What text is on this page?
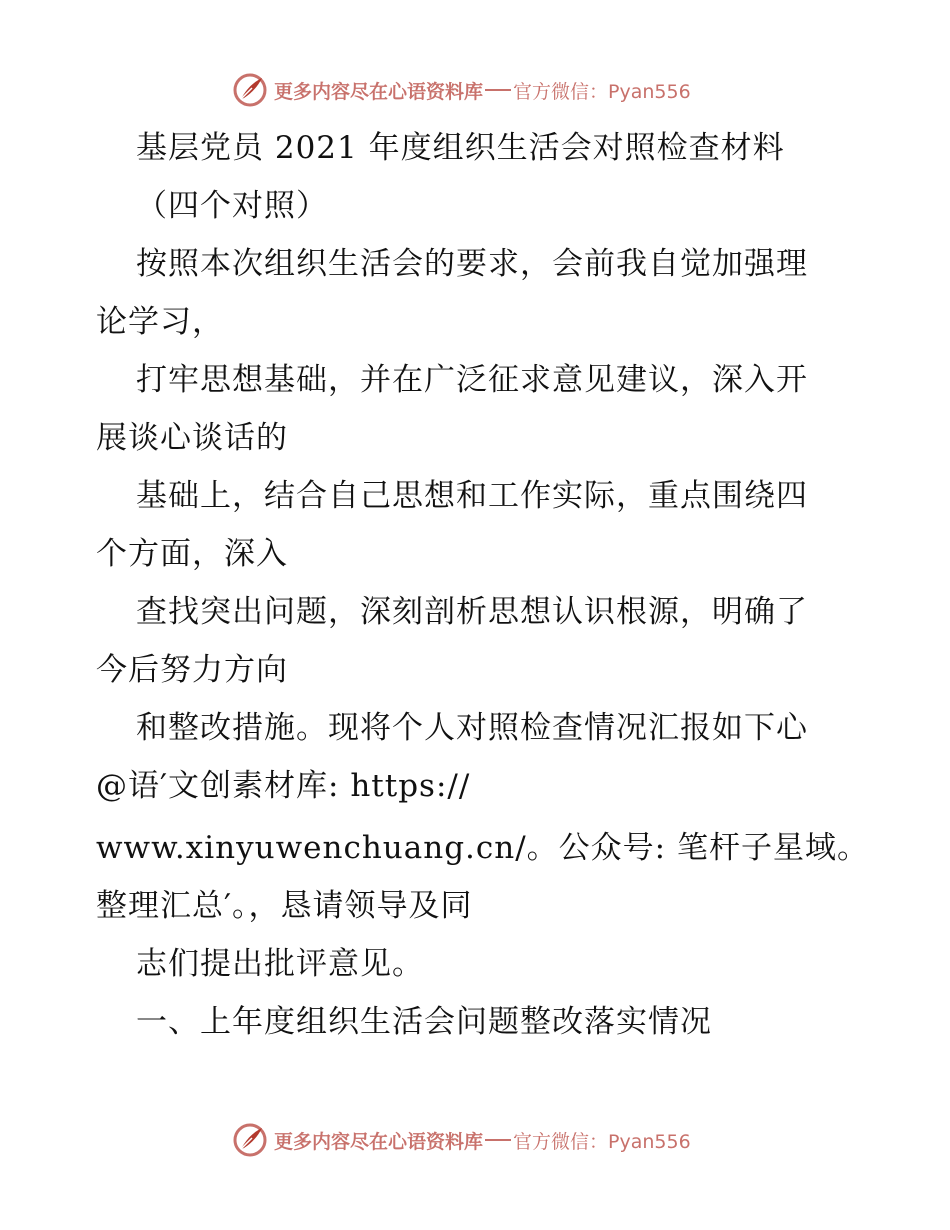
更多内容尽在心语资料库 官方微信：Pyan556
基层党员 2021 年度组织生活会对照检查材料
（四个对照）
按照本次组织生活会的要求，会前我自觉加强理
论学习，
打牢思想基础，并在广泛征求意见建议，深入开
展谈心谈话的
基础上，结合自己思想和工作实际，重点围绕四
个方面，深入
查找突出问题，深刻剖析思想认识根源，明确了
今后努力方向
和整改措施。现将个人对照检查情况汇报如下心
@语′文创素材库: https://
www.xinyuwenchuang.cn/。公众号: 笔杆子星域。
整理汇总′。，恳请领导及同
志们提出批评意见。
一、上年度组织生活会问题整改落实情况
更多内容尽在心语资料库 官方微信：Pyan556
